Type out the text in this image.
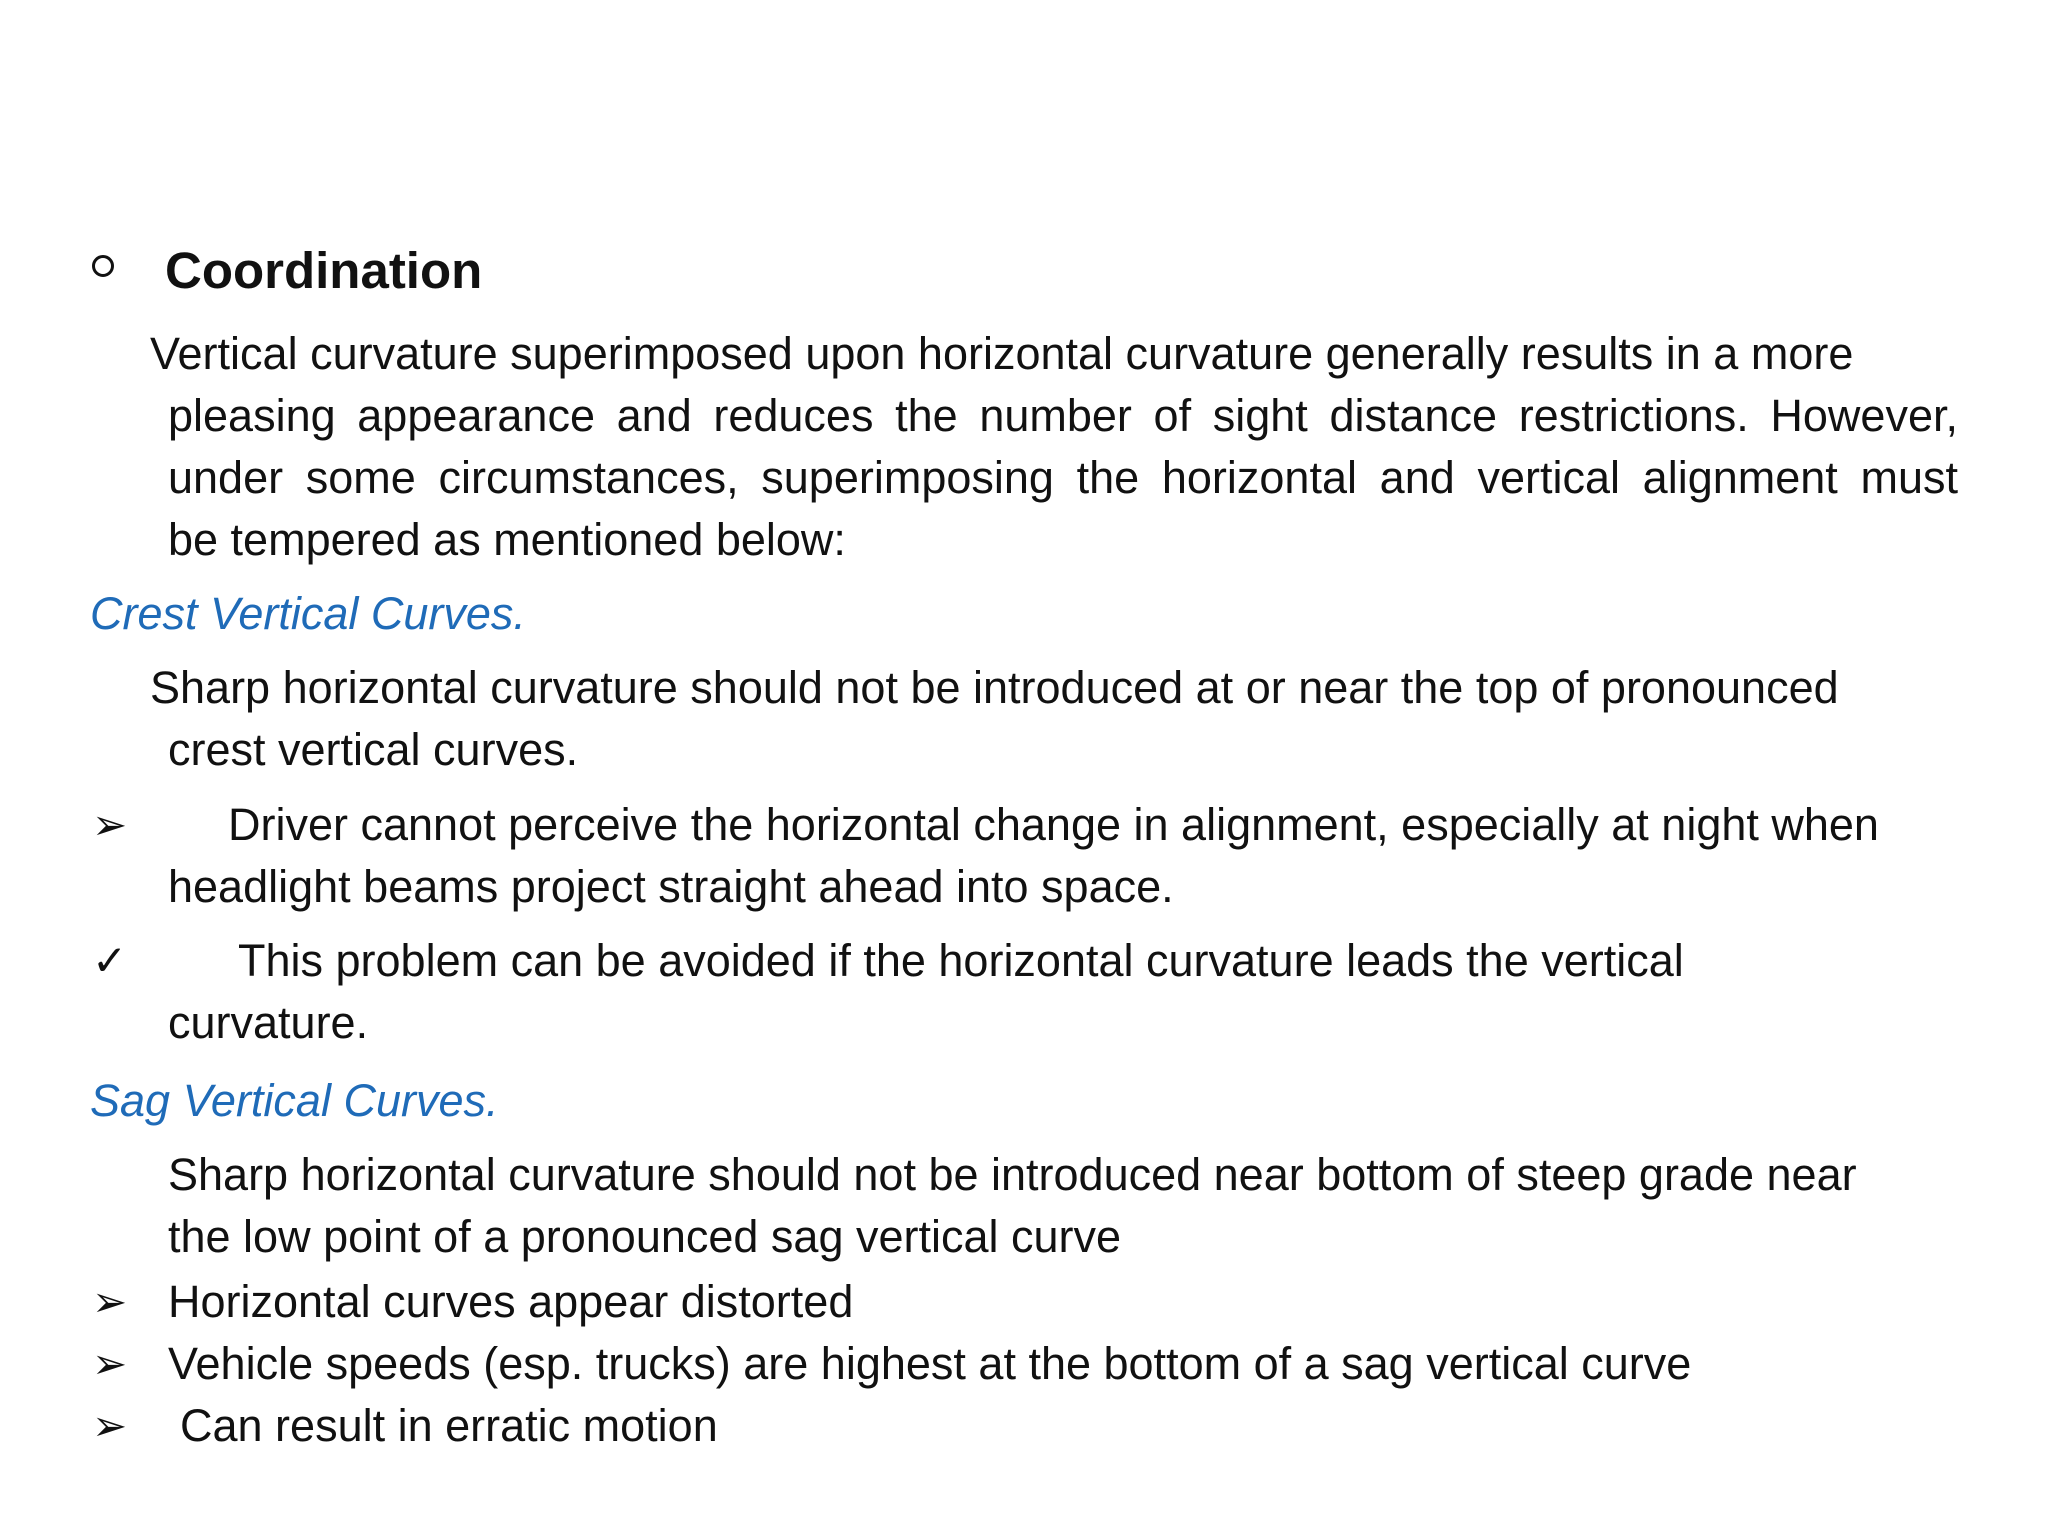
Coordination
Vertical curvature superimposed upon horizontal curvature generally results in a more
pleasing appearance and reduces the number of sight distance restrictions. However,
under some circumstances, superimposing the horizontal and vertical alignment must
be tempered as mentioned below:
Crest Vertical Curves.
Sharp horizontal curvature should not be introduced at or near the top of pronounced
crest vertical curves.
➢ Driver cannot perceive the horizontal change in alignment, especially at night when
headlight beams project straight ahead into space.
✓ This problem can be avoided if the horizontal curvature leads the vertical
curvature.
Sag Vertical Curves.
Sharp horizontal curvature should not be introduced near bottom of steep grade near
the low point of a pronounced sag vertical curve
➢ Horizontal curves appear distorted
➢ Vehicle speeds (esp. trucks) are highest at the bottom of a sag vertical curve
➢ Can result in erratic motion
